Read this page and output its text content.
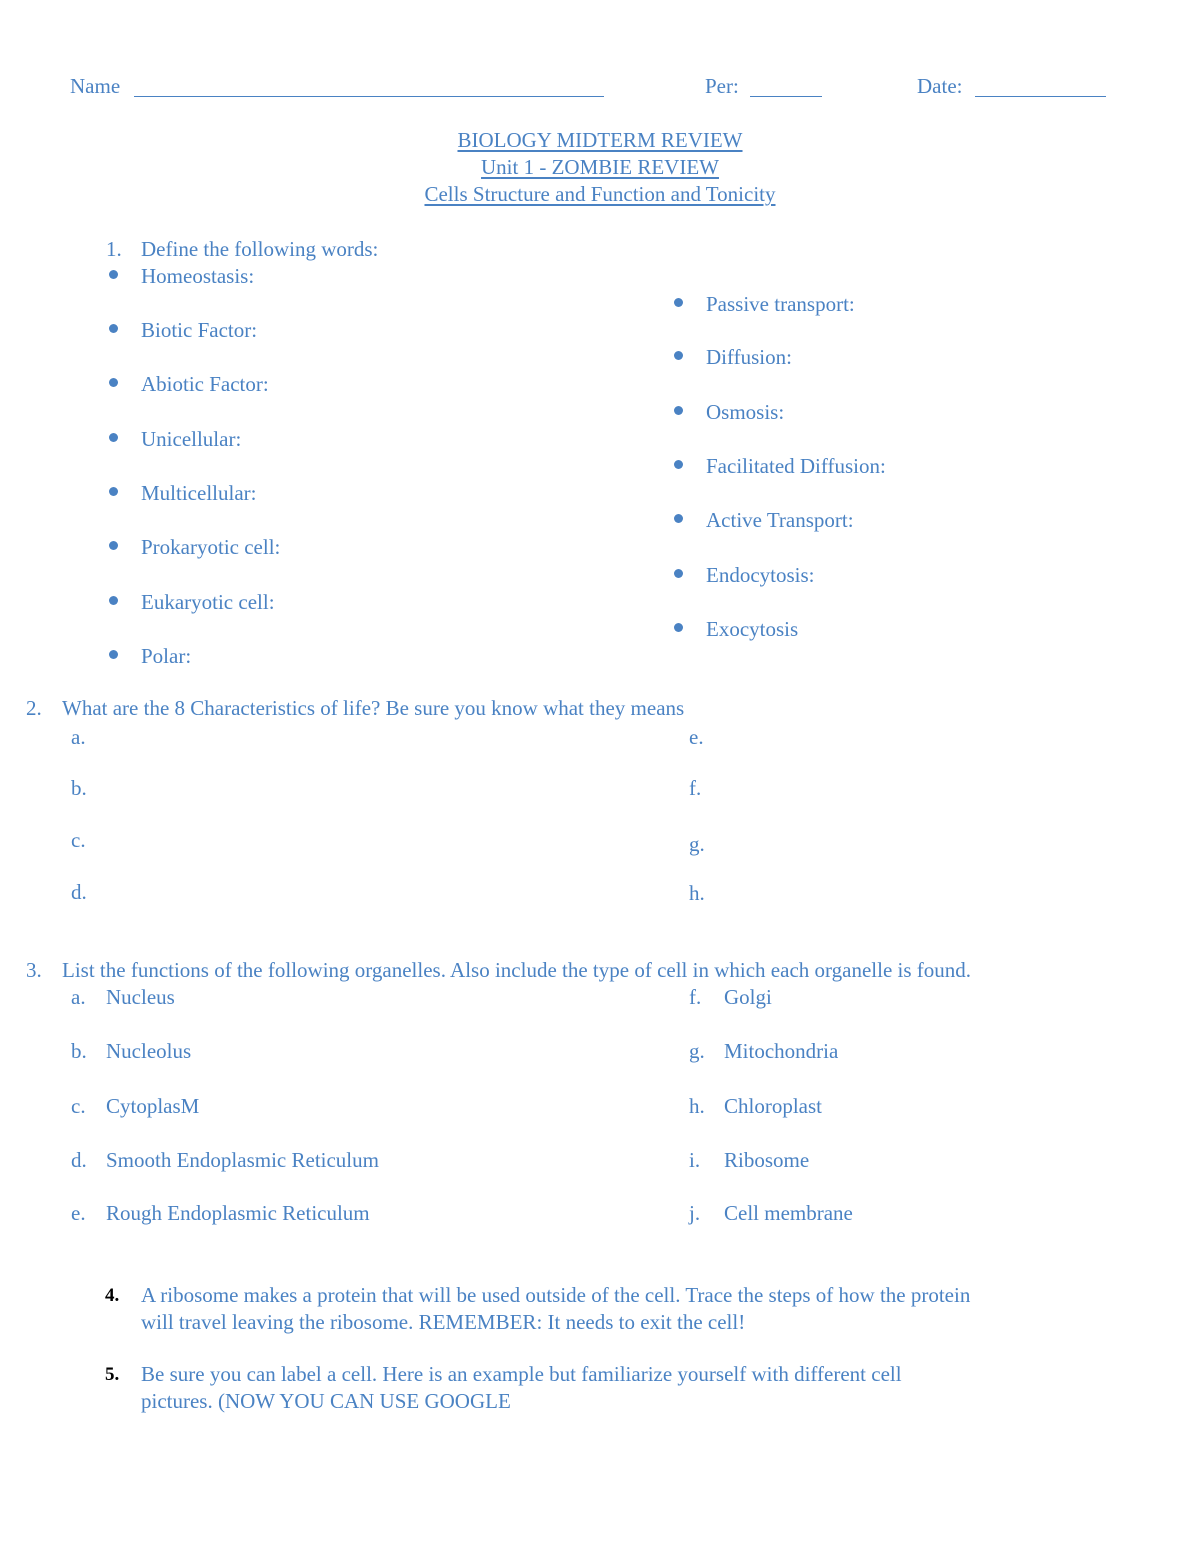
Name	Per:	Date:
BIOLOGY MIDTERM REVIEW
Unit 1 - ZOMBIE REVIEW
Cells Structure and Function and Tonicity
1. Define the following words:
Homeostasis:
Biotic Factor:
Abiotic Factor:
Unicellular:
Multicellular:
Prokaryotic cell:
Eukaryotic cell:
Polar:
Passive transport:
Diffusion:
Osmosis:
Facilitated Diffusion:
Active Transport:
Endocytosis:
Exocytosis
2. What are the 8 Characteristics of life? Be sure you know what they means
a.
b.
c.
d.
e.
f.
g.
h.
3. List the functions of the following organelles. Also include the type of cell in which each organelle is found.
a. Nucleus
b. Nucleolus
c. CytoplasM
d. Smooth Endoplasmic Reticulum
e. Rough Endoplasmic Reticulum
f. Golgi
g. Mitochondria
h. Chloroplast
i. Ribosome
j. Cell membrane
4. A ribosome makes a protein that will be used outside of the cell. Trace the steps of how the protein
will travel leaving the ribosome. REMEMBER: It needs to exit the cell!
5. Be sure you can label a cell. Here is an example but familiarize yourself with different cell
pictures. (NOW YOU CAN USE GOOGLE
